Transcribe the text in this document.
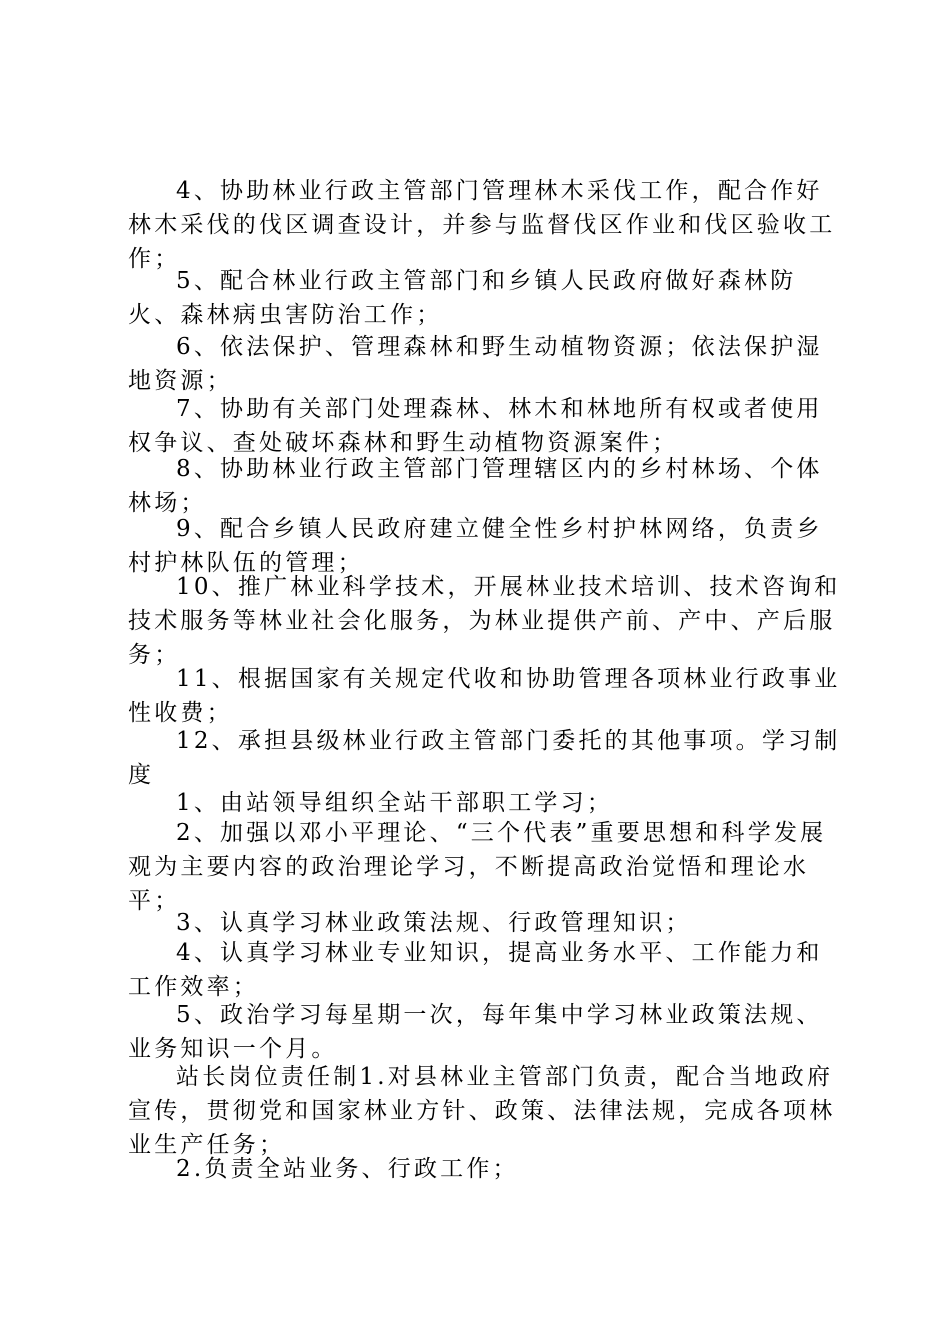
4、协助林业行政主管部门管理林木采伐工作，配合作好林木采伐的伐区调查设计，并参与监督伐区作业和伐区验收工作；

5、配合林业行政主管部门和乡镇人民政府做好森林防火、森林病虫害防治工作；

6、依法保护、管理森林和野生动植物资源；依法保护湿地资源；

7、协助有关部门处理森林、林木和林地所有权或者使用权争议、查处破坏森林和野生动植物资源案件；

8、协助林业行政主管部门管理辖区内的乡村林场、个体林场；

9、配合乡镇人民政府建立健全性乡村护林网络，负责乡村护林队伍的管理；

10、推广林业科学技术，开展林业技术培训、技术咨询和技术服务等林业社会化服务，为林业提供产前、产中、产后服务；

11、根据国家有关规定代收和协助管理各项林业行政事业性收费；

12、承担县级林业行政主管部门委托的其他事项。学习制度

1、由站领导组织全站干部职工学习；

2、加强以邓小平理论、“三个代表”重要思想和科学发展观为主要内容的政治理论学习，不断提高政治觉悟和理论水平；

3、认真学习林业政策法规、行政管理知识；

4、认真学习林业专业知识，提高业务水平、工作能力和工作效率；

5、政治学习每星期一次，每年集中学习林业政策法规、业务知识一个月。

站长岗位责任制1.对县林业主管部门负责，配合当地政府宣传，贯彻党和国家林业方针、政策、法律法规，完成各项林业生产任务；

2.负责全站业务、行政工作；
